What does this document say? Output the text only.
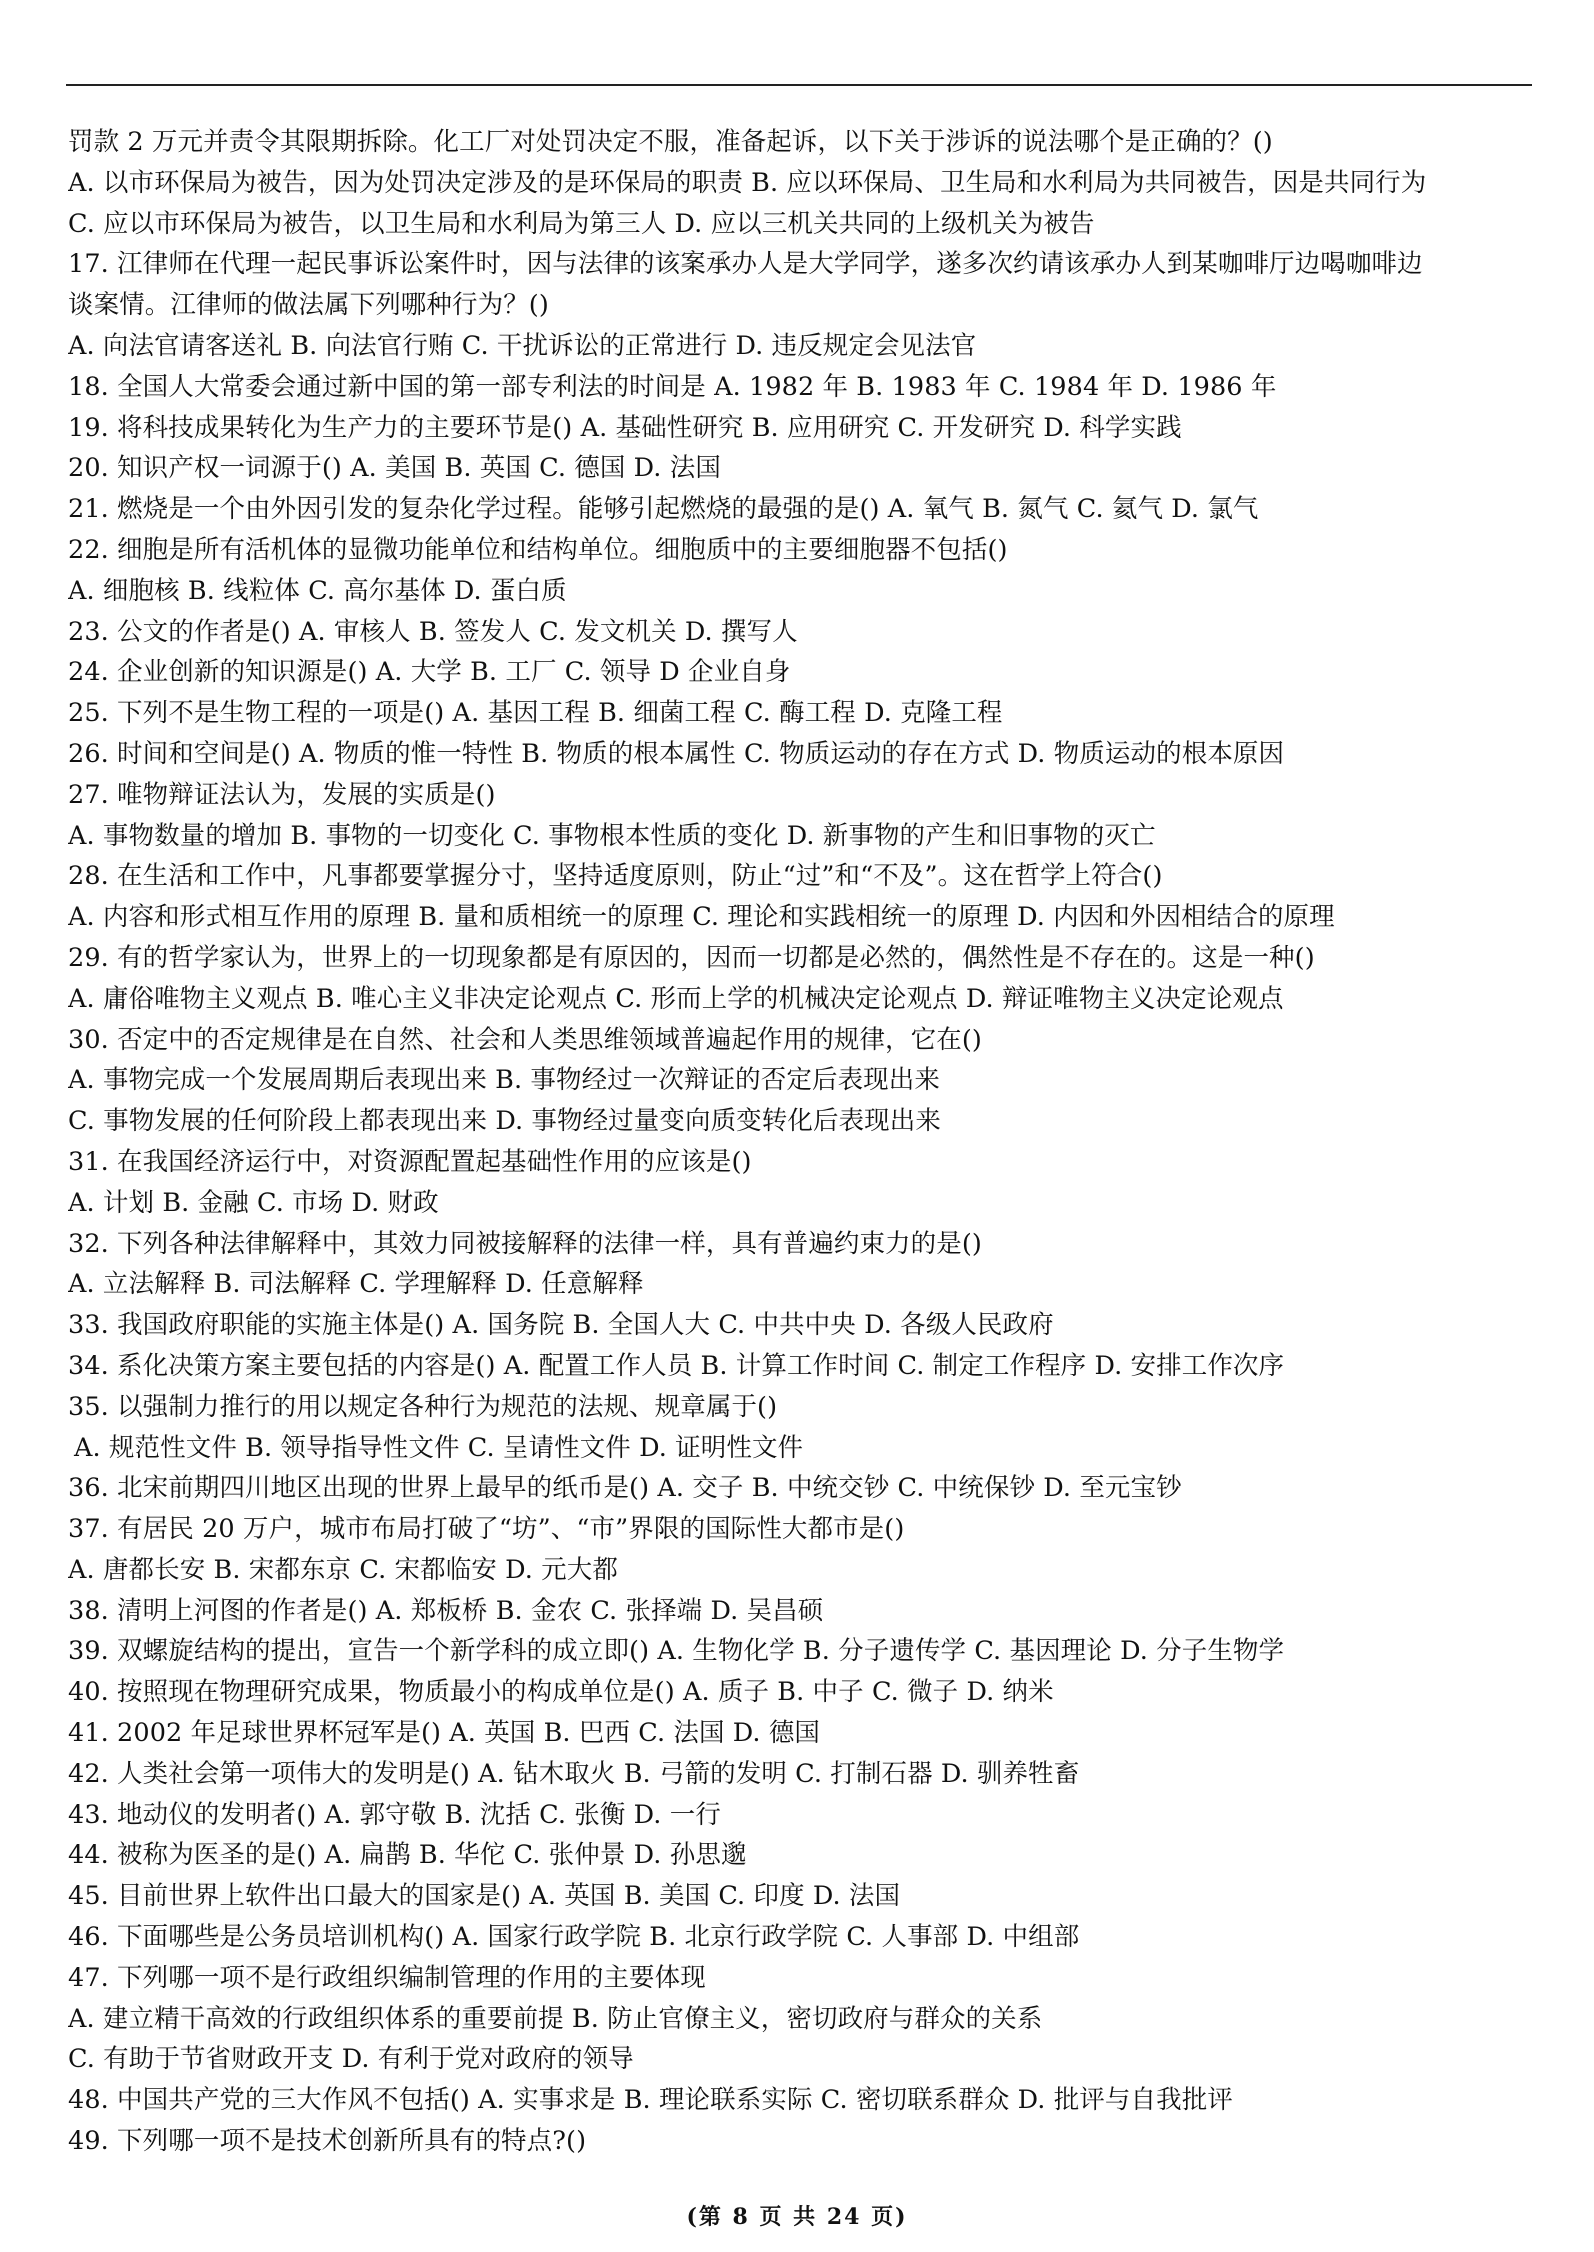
罚款 2 万元并责令其限期拆除。化工厂对处罚决定不服，准备起诉，以下关于涉诉的说法哪个是正确的？()
A. 以市环保局为被告，因为处罚决定涉及的是环保局的职责 B. 应以环保局、卫生局和水利局为共同被告，因是共同行为
C. 应以市环保局为被告，以卫生局和水利局为第三人 D. 应以三机关共同的上级机关为被告
17. 江律师在代理一起民事诉讼案件时，因与法律的该案承办人是大学同学，遂多次约请该承办人到某咖啡厅边喝咖啡边
谈案情。江律师的做法属下列哪种行为？()
A. 向法官请客送礼 B. 向法官行贿 C. 干扰诉讼的正常进行 D. 违反规定会见法官
18. 全国人大常委会通过新中国的第一部专利法的时间是 A. 1982 年 B. 1983 年 C. 1984 年 D. 1986 年
19. 将科技成果转化为生产力的主要环节是() A. 基础性研究 B. 应用研究 C. 开发研究 D. 科学实践
20. 知识产权一词源于() A. 美国 B. 英国 C. 德国 D. 法国
21. 燃烧是一个由外因引发的复杂化学过程。能够引起燃烧的最强的是() A. 氧气 B. 氮气 C. 氦气 D. 氯气
22. 细胞是所有活机体的显微功能单位和结构单位。细胞质中的主要细胞器不包括()
A. 细胞核 B. 线粒体 C. 高尔基体 D. 蛋白质
23. 公文的作者是() A. 审核人 B. 签发人 C. 发文机关 D. 撰写人
24. 企业创新的知识源是() A. 大学 B. 工厂 C. 领导 D 企业自身
25. 下列不是生物工程的一项是() A. 基因工程 B. 细菌工程 C. 酶工程 D. 克隆工程
26. 时间和空间是() A. 物质的惟一特性 B. 物质的根本属性 C. 物质运动的存在方式 D. 物质运动的根本原因
27. 唯物辩证法认为，发展的实质是()
A. 事物数量的增加 B. 事物的一切变化 C. 事物根本性质的变化 D. 新事物的产生和旧事物的灭亡
28. 在生活和工作中，凡事都要掌握分寸，坚持适度原则，防止“过”和“不及”。这在哲学上符合()
A. 内容和形式相互作用的原理 B. 量和质相统一的原理 C. 理论和实践相统一的原理 D. 内因和外因相结合的原理
29. 有的哲学家认为，世界上的一切现象都是有原因的，因而一切都是必然的，偶然性是不存在的。这是一种()
A. 庸俗唯物主义观点 B. 唯心主义非决定论观点 C. 形而上学的机械决定论观点 D. 辩证唯物主义决定论观点
30. 否定中的否定规律是在自然、社会和人类思维领域普遍起作用的规律，它在()
A. 事物完成一个发展周期后表现出来 B. 事物经过一次辩证的否定后表现出来
C. 事物发展的任何阶段上都表现出来 D. 事物经过量变向质变转化后表现出来
31. 在我国经济运行中，对资源配置起基础性作用的应该是()
A. 计划 B. 金融 C. 市场 D. 财政
32. 下列各种法律解释中，其效力同被接解释的法律一样，具有普遍约束力的是()
A. 立法解释 B. 司法解释 C. 学理解释 D. 任意解释
33. 我国政府职能的实施主体是() A. 国务院 B. 全国人大 C. 中共中央 D. 各级人民政府
34. 系化决策方案主要包括的内容是() A. 配置工作人员 B. 计算工作时间 C. 制定工作程序 D. 安排工作次序
35. 以强制力推行的用以规定各种行为规范的法规、规章属于()
A. 规范性文件 B. 领导指导性文件 C. 呈请性文件 D. 证明性文件
36. 北宋前期四川地区出现的世界上最早的纸币是() A. 交子 B. 中统交钞 C. 中统保钞 D. 至元宝钞
37. 有居民 20 万户，城市布局打破了“坊”、“市”界限的国际性大都市是()
A. 唐都长安 B. 宋都东京 C. 宋都临安 D. 元大都
38. 清明上河图的作者是() A. 郑板桥 B. 金农 C. 张择端 D. 吴昌硕
39. 双螺旋结构的提出，宣告一个新学科的成立即() A. 生物化学 B. 分子遗传学 C. 基因理论 D. 分子生物学
40. 按照现在物理研究成果，物质最小的构成单位是() A. 质子 B. 中子 C. 微子 D. 纳米
41. 2002 年足球世界杯冠军是() A. 英国 B. 巴西 C. 法国 D. 德国
42. 人类社会第一项伟大的发明是() A. 钻木取火 B. 弓箭的发明 C. 打制石器 D. 驯养牲畜
43. 地动仪的发明者() A. 郭守敬 B. 沈括 C. 张衡 D. 一行
44. 被称为医圣的是() A. 扁鹊 B. 华佗 C. 张仲景 D. 孙思邈
45. 目前世界上软件出口最大的国家是() A. 英国 B. 美国 C. 印度 D. 法国
46. 下面哪些是公务员培训机构() A. 国家行政学院 B. 北京行政学院 C. 人事部 D. 中组部
47. 下列哪一项不是行政组织编制管理的作用的主要体现
A. 建立精干高效的行政组织体系的重要前提 B. 防止官僚主义，密切政府与群众的关系
C. 有助于节省财政开支 D. 有利于党对政府的领导
48. 中国共产党的三大作风不包括() A. 实事求是 B. 理论联系实际 C. 密切联系群众 D. 批评与自我批评
49. 下列哪一项不是技术创新所具有的特点?()
(第 8 页 共 24 页)
